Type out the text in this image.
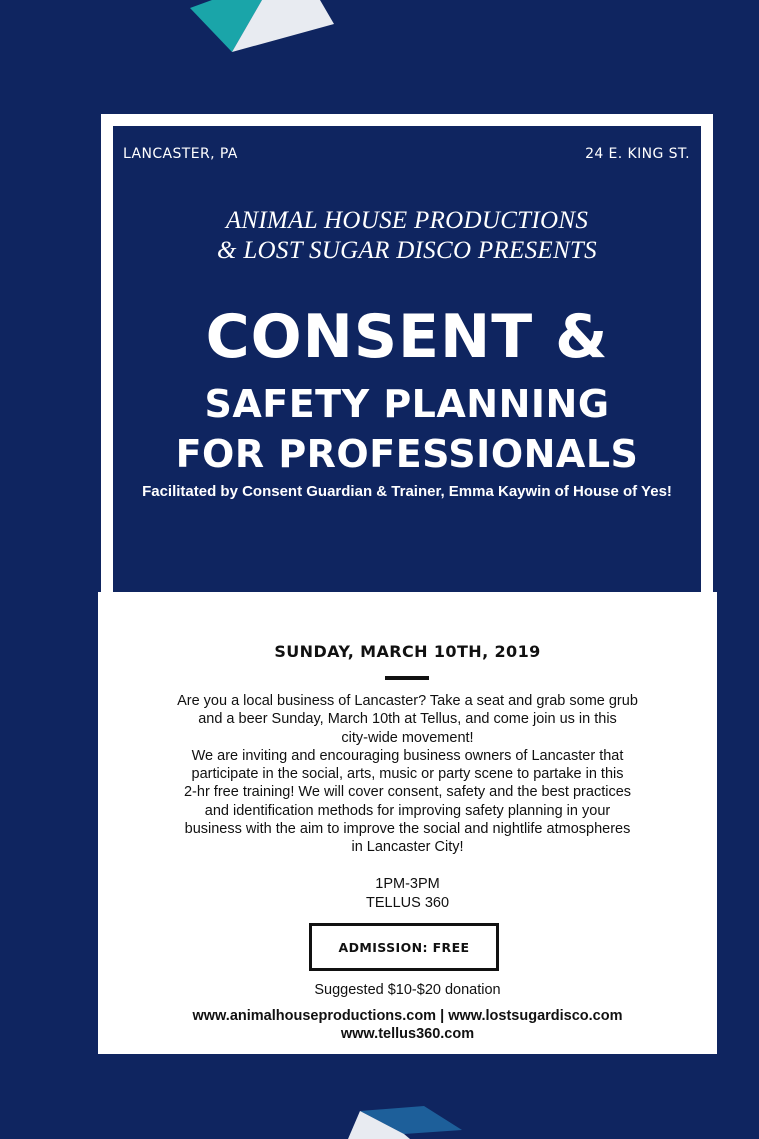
LANCASTER, PA	24 E. KING ST.
ANIMAL HOUSE PRODUCTIONS
& LOST SUGAR DISCO PRESENTS
CONSENT &
SAFETY PLANNING
FOR PROFESSIONALS
Facilitated by Consent Guardian & Trainer, Emma Kaywin of House of Yes!
SUNDAY, MARCH 10TH, 2019
Are you a local business of Lancaster? Take a seat and grab some grub
and a beer Sunday, March 10th at Tellus, and come join us in this
city-wide movement!
We are inviting and encouraging business owners of Lancaster that
participate in the social, arts, music or party scene to partake in this
2-hr free training! We will cover consent, safety and the best practices
and identification methods for improving safety planning in your
business with the aim to improve the social and nightlife atmospheres
in Lancaster City!
1PM-3PM
TELLUS 360
ADMISSION: FREE
Suggested $10-$20 donation
www.animalhouseproductions.com | www.lostsugardisco.com
www.tellus360.com
